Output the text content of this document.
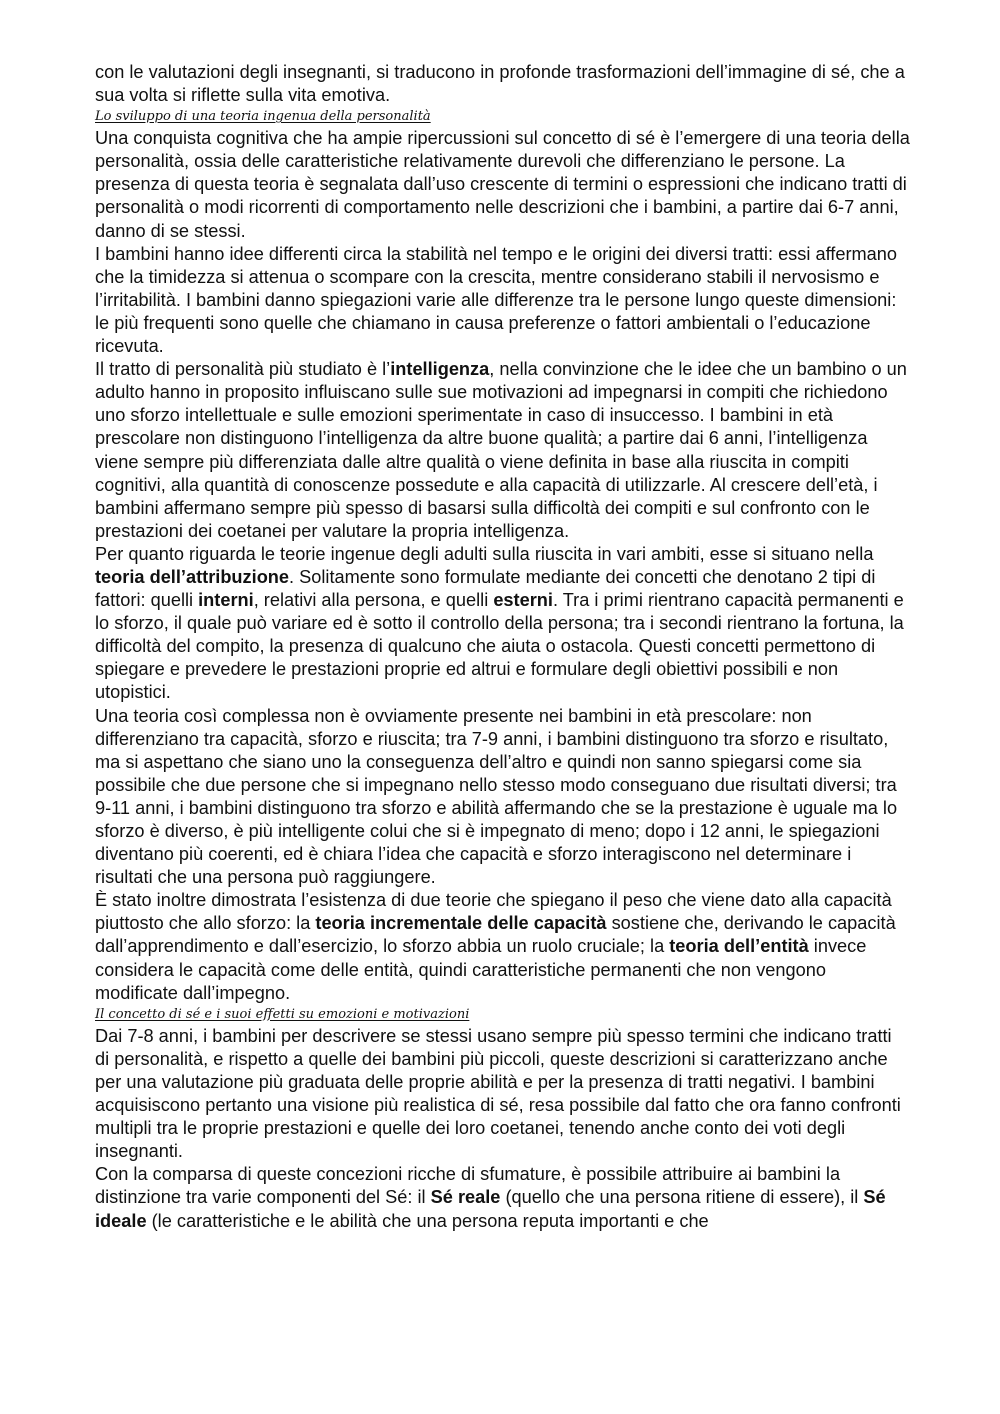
con le valutazioni degli insegnanti, si traducono in profonde trasformazioni dell’immagine di sé, che a sua volta si riflette sulla vita emotiva.

Lo sviluppo di una teoria ingenua della personalità

Una conquista cognitiva che ha ampie ripercussioni sul concetto di sé è l’emergere di una teoria della personalità, ossia delle caratteristiche relativamente durevoli che differenziano le persone. La presenza di questa teoria è segnalata dall’uso crescente di termini o espressioni che indicano tratti di personalità o modi ricorrenti di comportamento nelle descrizioni che i bambini, a partire dai 6-7 anni, danno di se stessi.

I bambini hanno idee differenti circa la stabilità nel tempo e le origini dei diversi tratti: essi affermano che la timidezza si attenua o scompare con la crescita, mentre considerano stabili il nervosismo e l’irritabilità. I bambini danno spiegazioni varie alle differenze tra le persone lungo queste dimensioni: le più frequenti sono quelle che chiamano in causa preferenze o fattori ambientali o l’educazione ricevuta.

Il tratto di personalità più studiato è l’intelligenza, nella convinzione che le idee che un bambino o un adulto hanno in proposito influiscano sulle sue motivazioni ad impegnarsi in compiti che richiedono uno sforzo intellettuale e sulle emozioni sperimentate in caso di insuccesso. I bambini in età prescolare non distinguono l’intelligenza da altre buone qualità; a partire dai 6 anni, l’intelligenza viene sempre più differenziata dalle altre qualità o viene definita in base alla riuscita in compiti cognitivi, alla quantità di conoscenze possedute e alla capacità di utilizzarle. Al crescere dell’età, i bambini affermano sempre più spesso di basarsi sulla difficoltà dei compiti e sul confronto con le prestazioni dei coetanei per valutare la propria intelligenza.

Per quanto riguarda le teorie ingenue degli adulti sulla riuscita in vari ambiti, esse si situano nella teoria dell’attribuzione. Solitamente sono formulate mediante dei concetti che denotano 2 tipi di fattori: quelli interni, relativi alla persona, e quelli esterni. Tra i primi rientrano capacità permanenti e lo sforzo, il quale può variare ed è sotto il controllo della persona; tra i secondi rientrano la fortuna, la difficoltà del compito, la presenza di qualcuno che aiuta o ostacola. Questi concetti permettono di spiegare e prevedere le prestazioni proprie ed altrui e formulare degli obiettivi possibili e non utopistici.

Una teoria così complessa non è ovviamente presente nei bambini in età prescolare: non differenziano tra capacità, sforzo e riuscita; tra 7-9 anni, i bambini distinguono tra sforzo e risultato, ma si aspettano che siano uno la conseguenza dell’altro e quindi non sanno spiegarsi come sia possibile che due persone che si impegnano nello stesso modo conseguano due risultati diversi; tra 9-11 anni, i bambini distinguono tra sforzo e abilità affermando che se la prestazione è uguale ma lo sforzo è diverso, è più intelligente colui che si è impegnato di meno; dopo i 12 anni, le spiegazioni diventano più coerenti, ed è chiara l’idea che capacità e sforzo interagiscono nel determinare i risultati che una persona può raggiungere.

È stato inoltre dimostrata l’esistenza di due teorie che spiegano il peso che viene dato alla capacità piuttosto che allo sforzo: la teoria incrementale delle capacità sostiene che, derivando le capacità dall’apprendimento e dall’esercizio, lo sforzo abbia un ruolo cruciale; la teoria dell’entità invece considera le capacità come delle entità, quindi caratteristiche permanenti che non vengono modificate dall’impegno.

Il concetto di sé e i suoi effetti su emozioni e motivazioni

Dai 7-8 anni, i bambini per descrivere se stessi usano sempre più spesso termini che indicano tratti di personalità, e rispetto a quelle dei bambini più piccoli, queste descrizioni si caratterizzano anche per una valutazione più graduata delle proprie abilità e per la presenza di tratti negativi. I bambini acquisiscono pertanto una visione più realistica di sé, resa possibile dal fatto che ora fanno confronti multipli tra le proprie prestazioni e quelle dei loro coetanei, tenendo anche conto dei voti degli insegnanti.

Con la comparsa di queste concezioni ricche di sfumature, è possibile attribuire ai bambini la distinzione tra varie componenti del Sé: il Sé reale (quello che una persona ritiene di essere), il Sé ideale (le caratteristiche e le abilità che una persona reputa importanti e che
